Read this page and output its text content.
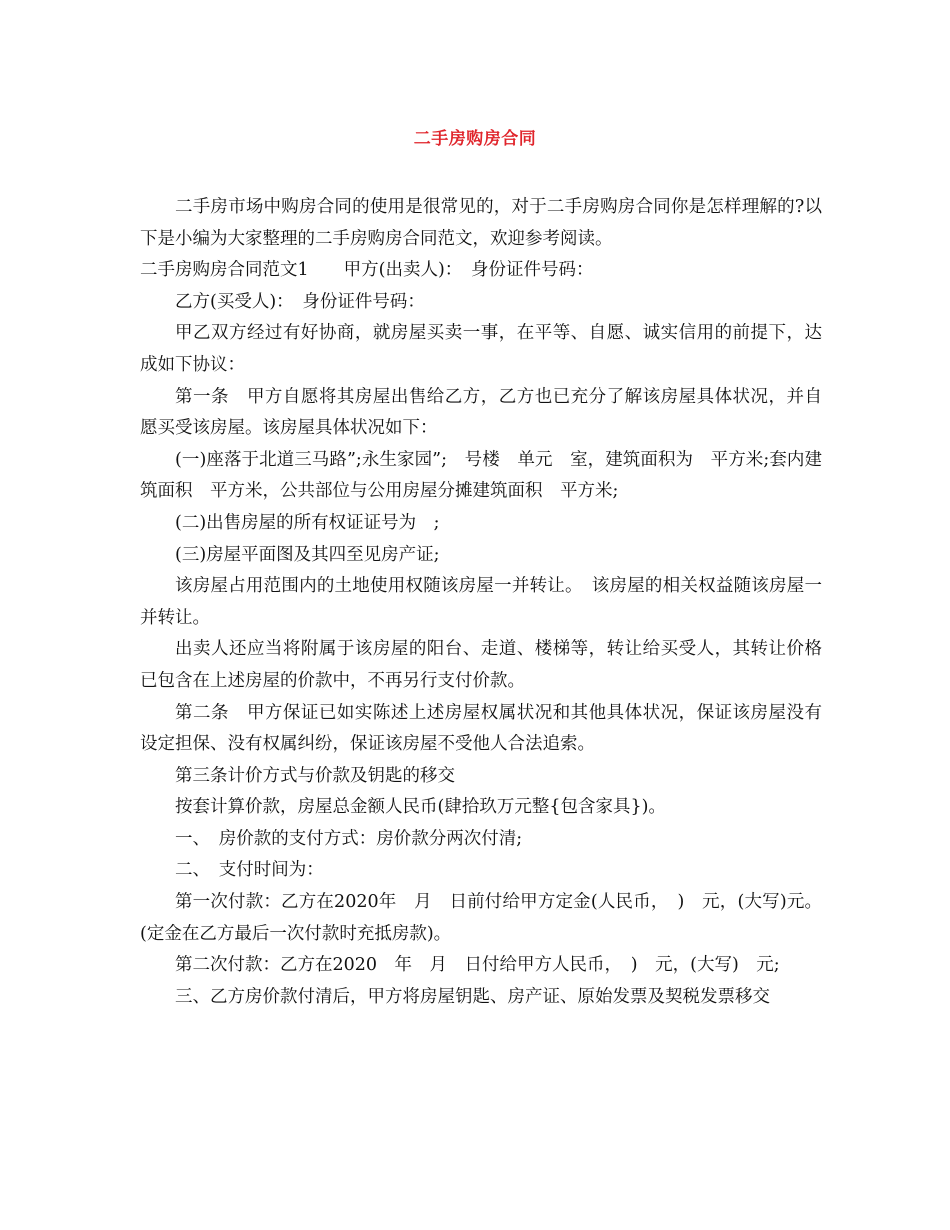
二手房购房合同

二手房市场中购房合同的使用是很常见的，对于二手房购房合同你是怎样理解的?以下是小编为大家整理的二手房购房合同范文，欢迎参考阅读。

二手房购房合同范文1　　甲方(出卖人)：　身份证件号码：

乙方(买受人)：　身份证件号码：

甲乙双方经过有好协商，就房屋买卖一事，在平等、自愿、诚实信用的前提下，达成如下协议：

第一条　甲方自愿将其房屋出售给乙方，乙方也已充分了解该房屋具体状况，并自愿买受该房屋。该房屋具体状况如下：

(一)座落于北道三马路”;永生家园”;　号楼　单元　室，建筑面积为　平方米;套内建筑面积　平方米，公共部位与公用房屋分摊建筑面积　平方米;

(二)出售房屋的所有权证证号为　;

(三)房屋平面图及其四至见房产证;

该房屋占用范围内的土地使用权随该房屋一并转让。　该房屋的相关权益随该房屋一并转让。

出卖人还应当将附属于该房屋的阳台、走道、楼梯等，转让给买受人，其转让价格已包含在上述房屋的价款中，不再另行支付价款。

第二条　甲方保证已如实陈述上述房屋权属状况和其他具体状况，保证该房屋没有设定担保、没有权属纠纷，保证该房屋不受他人合法追索。

第三条计价方式与价款及钥匙的移交

按套计算价款，房屋总金额人民币(肆拾玖万元整{包含家具})。

一、　房价款的支付方式：房价款分两次付清;

二、　支付时间为：

第一次付款：乙方在2020年　月　日前付给甲方定金(人民币，　)　元，(大写)元。(定金在乙方最后一次付款时充抵房款)。

第二次付款：乙方在2020　年　月　日付给甲方人民币，　)　元，(大写)　元;

三、乙方房价款付清后，甲方将房屋钥匙、房产证、原始发票及契税发票移交
